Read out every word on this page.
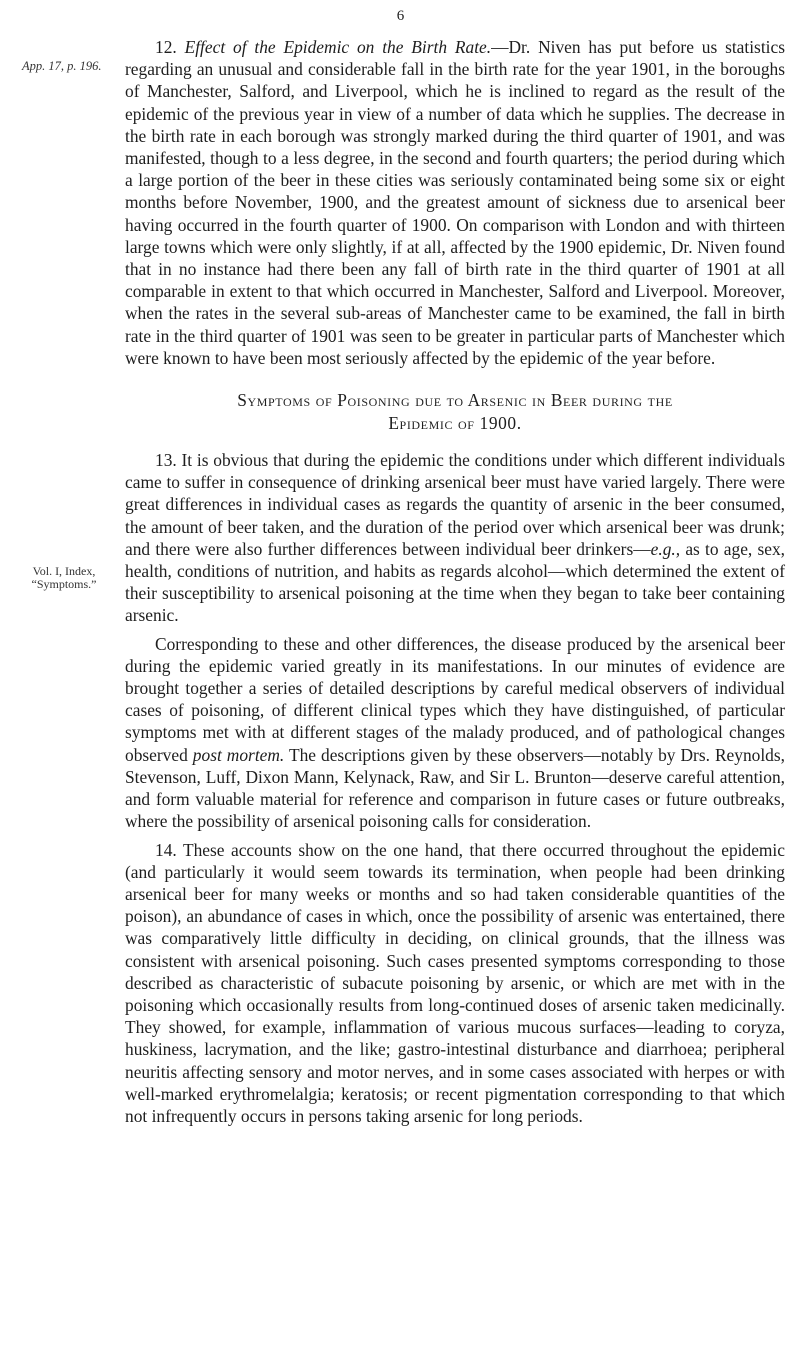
6
App. 17, p. 196.
Vol. I, Index,
“Symptoms.”

12. Effect of the Epidemic on the Birth Rate.—Dr. Niven has put before us statistics regarding an unusual and considerable fall in the birth rate for the year 1901, in the boroughs of Manchester, Salford, and Liverpool, which he is inclined to regard as the result of the epidemic of the previous year in view of a number of data which he supplies. The decrease in the birth rate in each borough was strongly marked during the third quarter of 1901, and was manifested, though to a less degree, in the second and fourth quarters; the period during which a large portion of the beer in these cities was seriously contaminated being some six or eight months before November, 1900, and the greatest amount of sickness due to arsenical beer having occurred in the fourth quarter of 1900. On comparison with London and with thirteen large towns which were only slightly, if at all, affected by the 1900 epidemic, Dr. Niven found that in no instance had there been any fall of birth rate in the third quarter of 1901 at all comparable in extent to that which occurred in Manchester, Salford and Liverpool. Moreover, when the rates in the several sub-areas of Manchester came to be examined, the fall in birth rate in the third quarter of 1901 was seen to be greater in particular parts of Manchester which were known to have been most seriously affected by the epidemic of the year before.

Symptoms of Poisoning due to Arsenic in Beer during the
Epidemic of 1900.

13. It is obvious that during the epidemic the conditions under which different individuals came to suffer in consequence of drinking arsenical beer must have varied largely. There were great differences in individual cases as regards the quantity of arsenic in the beer consumed, the amount of beer taken, and the duration of the period over which arsenical beer was drunk; and there were also further differences between individual beer drinkers—e.g., as to age, sex, health, conditions of nutrition, and habits as regards alcohol—which determined the extent of their susceptibility to arsenical poisoning at the time when they began to take beer containing arsenic.

Corresponding to these and other differences, the disease produced by the arsenical beer during the epidemic varied greatly in its manifestations. In our minutes of evidence are brought together a series of detailed descriptions by careful medical observers of individual cases of poisoning, of different clinical types which they have distinguished, of particular symptoms met with at different stages of the malady produced, and of pathological changes observed post mortem. The descriptions given by these observers—notably by Drs. Reynolds, Stevenson, Luff, Dixon Mann, Kelynack, Raw, and Sir L. Brunton—deserve careful attention, and form valuable material for reference and comparison in future cases or future outbreaks, where the possibility of arsenical poisoning calls for consideration.

14. These accounts show on the one hand, that there occurred throughout the epidemic (and particularly it would seem towards its termination, when people had been drinking arsenical beer for many weeks or months and so had taken considerable quantities of the poison), an abundance of cases in which, once the possibility of arsenic was entertained, there was comparatively little difficulty in deciding, on clinical grounds, that the illness was consistent with arsenical poisoning. Such cases presented symptoms corresponding to those described as characteristic of subacute poisoning by arsenic, or which are met with in the poisoning which occasionally results from long-continued doses of arsenic taken medicinally. They showed, for example, inflammation of various mucous surfaces—leading to coryza, huskiness, lacrymation, and the like; gastro-intestinal disturbance and diarrhoea; peripheral neuritis affecting sensory and motor nerves, and in some cases associated with herpes or with well-marked erythromelalgia; keratosis; or recent pigmentation corresponding to that which not infrequently occurs in persons taking arsenic for long periods.
